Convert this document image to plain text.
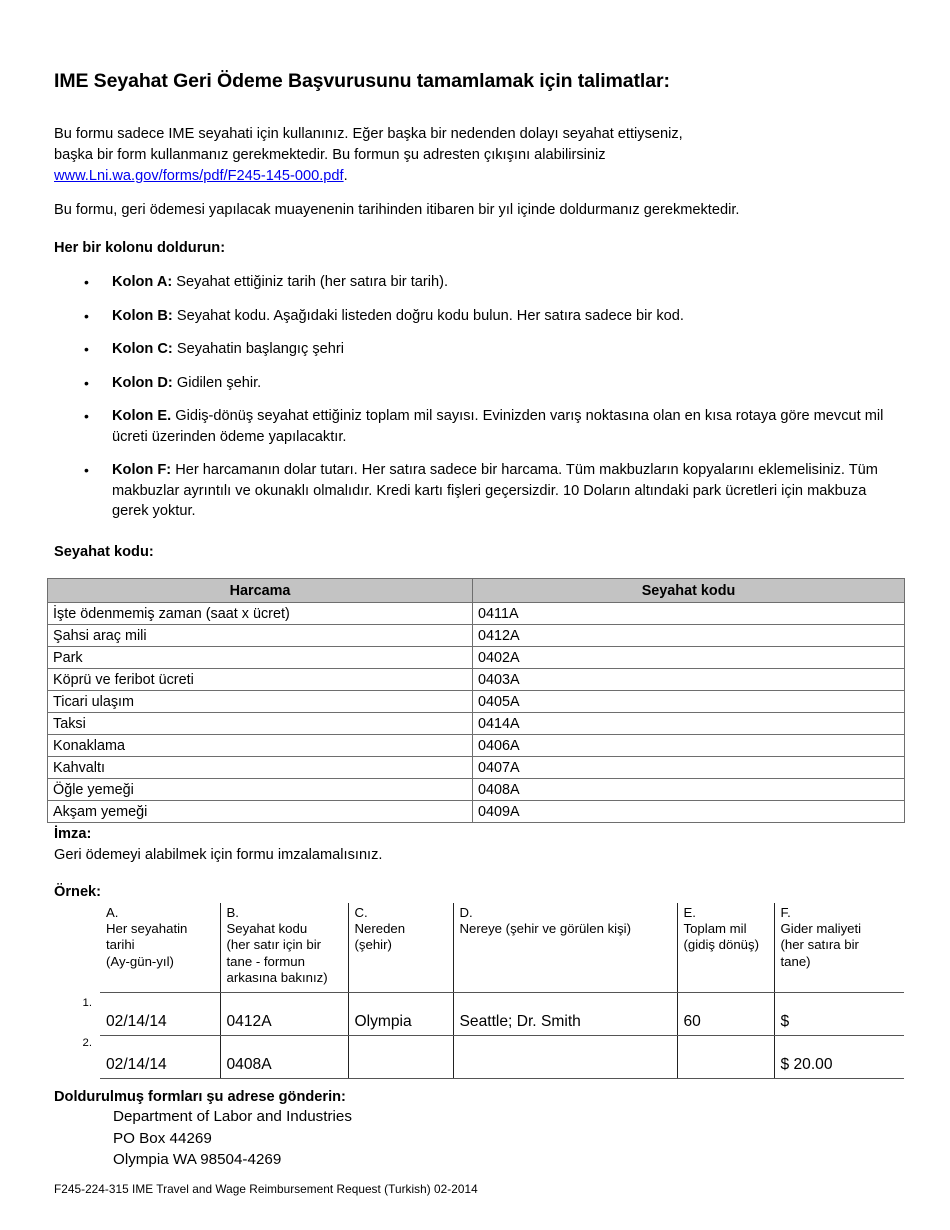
IME Seyahat Geri Ödeme Başvurusunu tamamlamak için talimatlar:
Bu formu sadece IME seyahati için kullanınız. Eğer başka bir nedenden dolayı seyahat ettiyseniz,
başka bir form kullanmanız gerekmektedir. Bu formun şu adresten çıkışını alabilirsiniz
www.Lni.wa.gov/forms/pdf/F245-145-000.pdf.
Bu formu, geri ödemesi yapılacak muayenenin tarihinden itibaren bir yıl içinde doldurmanız gerekmektedir.
Her bir kolonu doldurun:
• Kolon A: Seyahat ettiğiniz tarih (her satıra bir tarih).
• Kolon B: Seyahat kodu. Aşağıdaki listeden doğru kodu bulun. Her satıra sadece bir kod.
• Kolon C: Seyahatin başlangıç şehri
• Kolon D: Gidilen şehir.
• Kolon E. Gidiş-dönüş seyahat ettiğiniz toplam mil sayısı. Evinizden varış noktasına olan en kısa rotaya göre mevcut mil ücreti üzerinden ödeme yapılacaktır.
• Kolon F: Her harcamanın dolar tutarı. Her satıra sadece bir harcama. Tüm makbuzların kopyalarını eklemelisiniz. Tüm makbuzlar ayrıntılı ve okunaklı olmalıdır. Kredi kartı fişleri geçersizdir. 10 Doların altındaki park ücretleri için makbuza gerek yoktur.
Seyahat kodu:
Harcama	Seyahat kodu
İşte ödenmemiş zaman (saat x ücret)	0411A
Şahsi araç mili	0412A
Park	0402A
Köprü ve feribot ücreti	0403A
Ticari ulaşım	0405A
Taksi	0414A
Konaklama	0406A
Kahvaltı	0407A
Öğle yemeği	0408A
Akşam yemeği	0409A
İmza:
Geri ödemeyi alabilmek için formu imzalamalısınız.
Örnek:
1.
2.
A.
Her seyahatin
tarihi
(Ay-gün-yıl)

B.
Seyahat kodu
(her satır için bir
tane - formun
arkasına bakınız)

C.
Nereden
(şehir)

D.
Nereye (şehir ve görülen kişi)

E.
Toplam mil
(gidiş dönüş)

F.
Gider maliyeti
(her satıra bir
tane)

02/14/14	0412A	Olympia	Seattle; Dr. Smith	60	$
02/14/14	0408A				$ 20.00
Doldurulmuş formları şu adrese gönderin:
Department of Labor and Industries
PO Box 44269
Olympia WA 98504-4269
F245-224-315 IME Travel and Wage Reimbursement Request (Turkish) 02-2014
